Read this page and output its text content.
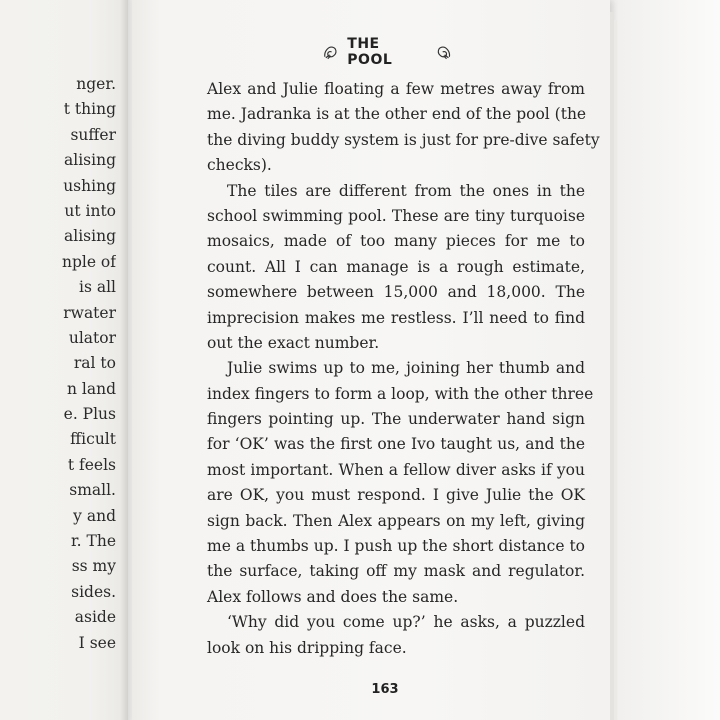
nger.
t thing
suffer
alising
ushing
ut into
alising
nple of
is all
rwater
ulator
ral to
n land
e. Plus
fficult
t feels
small.
y and
r. The
ss my
sides.
aside
I see
THE POOL
Alex and Julie floating a few metres away from
me. Jadranka is at the other end of the pool (the
the diving buddy system is just for pre-dive safety
checks).
The tiles are different from the ones in the
school swimming pool. These are tiny turquoise
mosaics, made of too many pieces for me to
count. All I can manage is a rough estimate,
somewhere between 15,000 and 18,000. The
imprecision makes me restless. I’ll need to find
out the exact number.
Julie swims up to me, joining her thumb and
index fingers to form a loop, with the other three
fingers pointing up. The underwater hand sign
for ‘OK’ was the first one Ivo taught us, and the
most important. When a fellow diver asks if you
are OK, you must respond. I give Julie the OK
sign back. Then Alex appears on my left, giving
me a thumbs up. I push up the short distance to
the surface, taking off my mask and regulator.
Alex follows and does the same.
‘Why did you come up?’ he asks, a puzzled
look on his dripping face.
163
